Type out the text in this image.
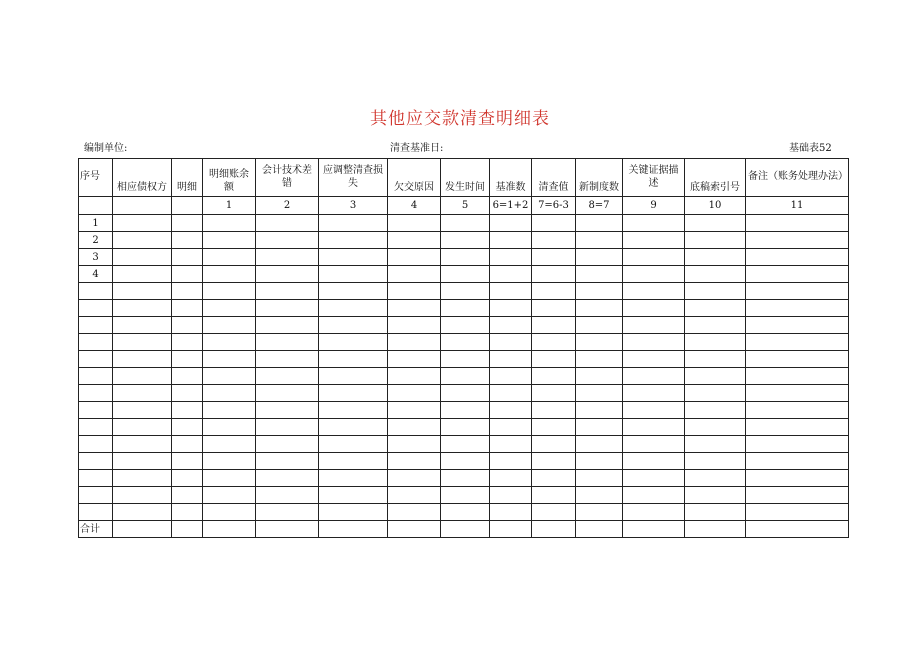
其他应交款清查明细表
编制单位:	清查基准日:	基础表52
序号	相应债权方	明细	明细账余额	会计技术差错	应调整清查损失	欠交原因	发生时间	基准数	清查值	新制度数	关键证据描述	底稿索引号	备注（账务处理办法）
			1	2	3	4	5	6=1+2	7=6-3	8=7	9	10	11
1													
2													
3													
4													

合计													
